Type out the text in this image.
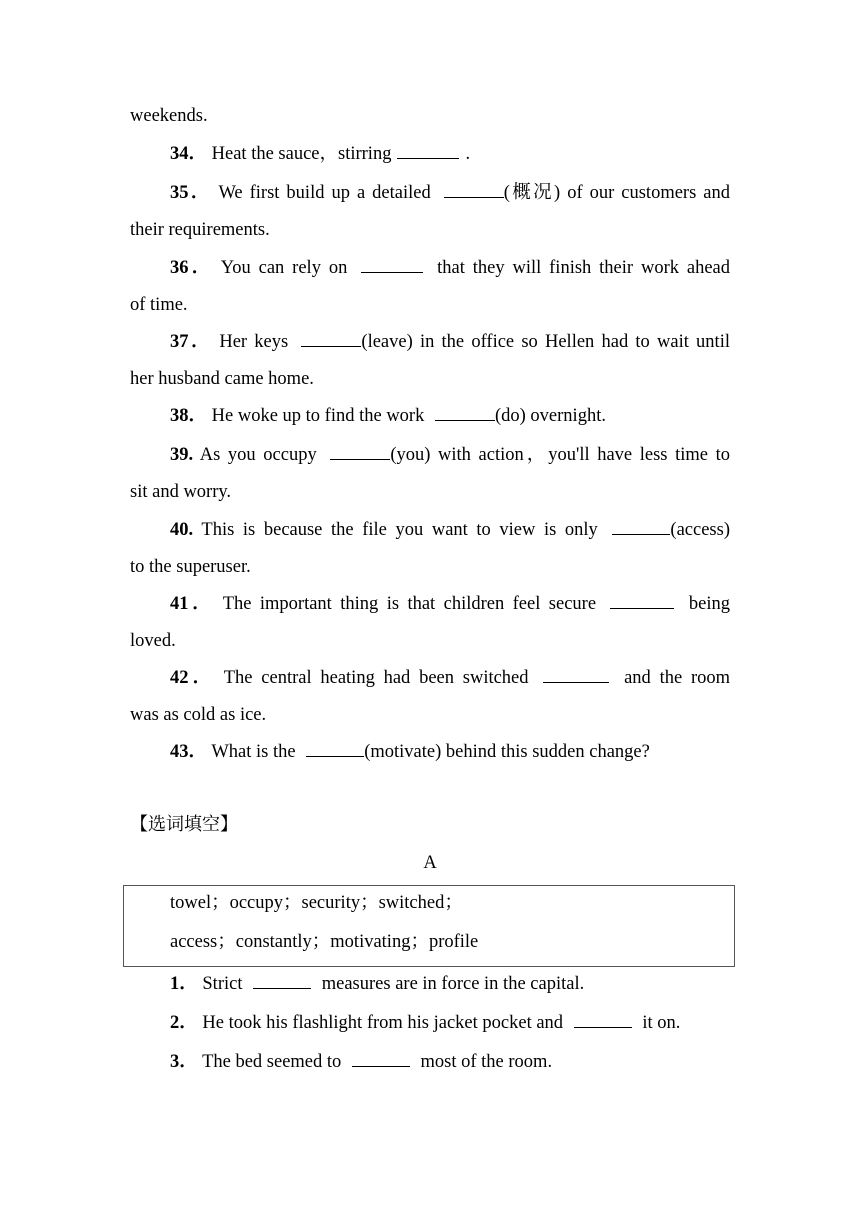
weekends.
34． Heat the sauce，stirring	.
35． We first build up a detailed	(概况) of our customers and
their requirements.
36． You can rely on	that they will finish their work ahead
of time.
37． Her keys	(leave) in the office so Hellen had to wait until
her husband came home.
38． He woke up to find the work	(do) overnight.
39. As you occupy	(you) with action，you'll have less time to
sit and worry.
40. This is because the file you want to view is only	(access)
to the superuser.
41． The important thing is that children feel secure	being
loved.
42． The central heating had been switched	and the room
was as cold as ice.
43． What is the	(motivate) behind this sudden change?
【选词填空】
A
towel；occupy；security；switched；
access；constantly；motivating；profile
1． Strict	measures are in force in the capital.
2． He took his flashlight from his jacket pocket and	it on.
3． The bed seemed to	most of the room.
